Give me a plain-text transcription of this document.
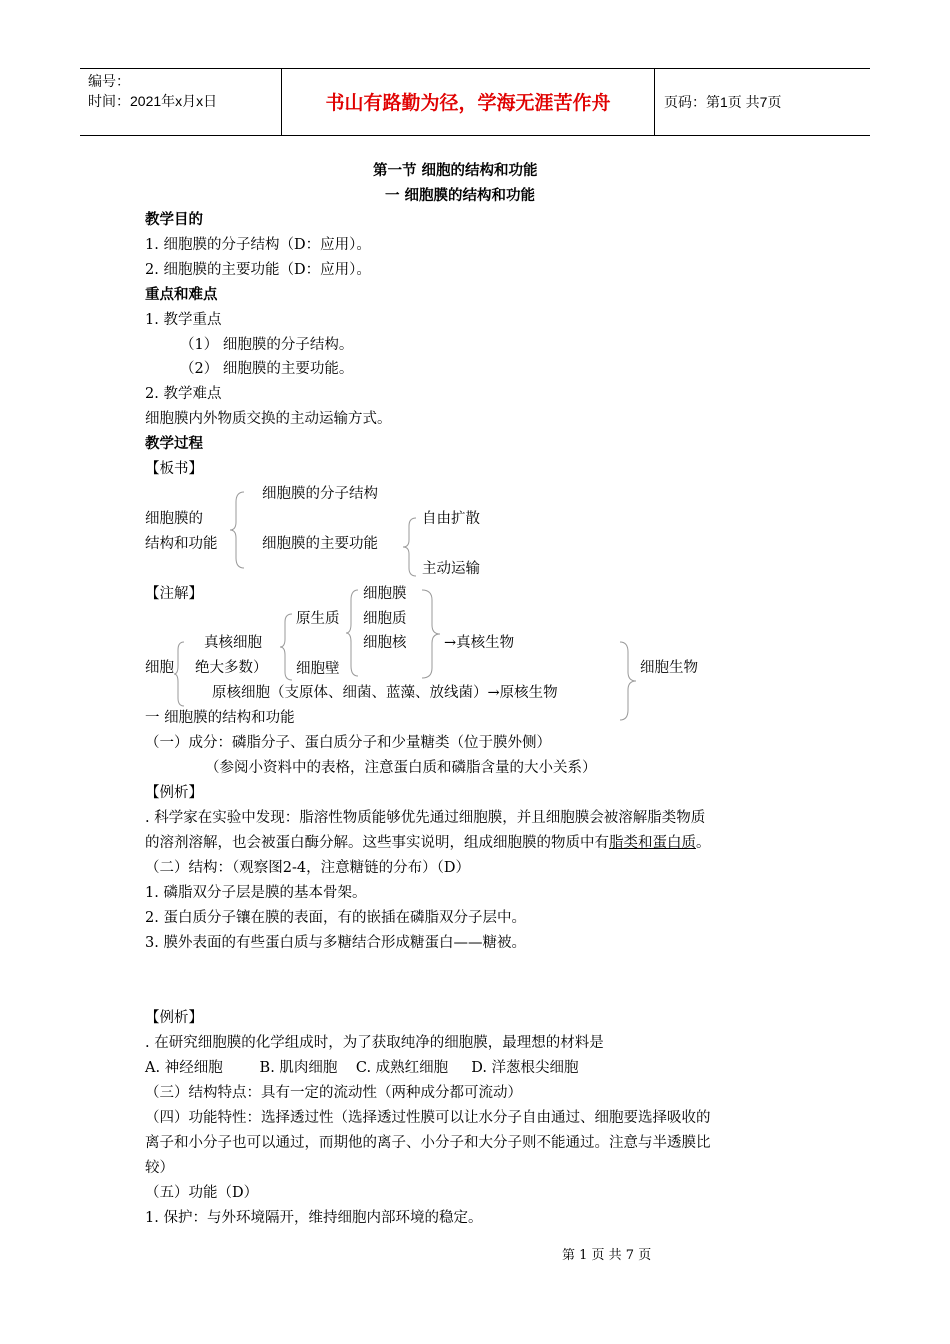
编号：
时间：2021年x月x日	书山有路勤为径，学海无涯苦作舟	页码：第1页 共7页
第一节 细胞的结构和功能
一 细胞膜的结构和功能
教学目的
1. 细胞膜的分子结构（D：应用）。
2. 细胞膜的主要功能（D：应用）。
重点和难点
1. 教学重点
（1） 细胞膜的分子结构。
（2） 细胞膜的主要功能。
2. 教学难点
细胞膜内外物质交换的主动运输方式。
教学过程
【板书】
细胞膜的
结构和功能
细胞膜的分子结构
细胞膜的主要功能
自由扩散
主动运输
【注解】
细胞
真核细胞
绝大多数）
原生质
细胞壁
细胞膜
细胞质
细胞核	→真核生物
原核细胞（支原体、细菌、蓝藻、放线菌）→原核生物
细胞生物
一 细胞膜的结构和功能
（一）成分：磷脂分子、蛋白质分子和少量糖类（位于膜外侧）
（参阅小资料中的表格，注意蛋白质和磷脂含量的大小关系）
【例析】
. 科学家在实验中发现：脂溶性物质能够优先通过细胞膜，并且细胞膜会被溶解脂类物质
的溶剂溶解，也会被蛋白酶分解。这些事实说明，组成细胞膜的物质中有脂类和蛋白质。
（二）结构：（观察图2-4，注意糖链的分布）（D）
1. 磷脂双分子层是膜的基本骨架。
2. 蛋白质分子镶在膜的表面，有的嵌插在磷脂双分子层中。
3. 膜外表面的有些蛋白质与多糖结合形成糖蛋白——糖被。
【例析】
. 在研究细胞膜的化学组成时，为了获取纯净的细胞膜，最理想的材料是
A. 神经细胞        B. 肌肉细胞    C. 成熟红细胞     D. 洋葱根尖细胞
（三）结构特点：具有一定的流动性（两种成分都可流动）
（四）功能特性：选择透过性（选择透过性膜可以让水分子自由通过、细胞要选择吸收的
离子和小分子也可以通过，而期他的离子、小分子和大分子则不能通过。注意与半透膜比
较）
（五）功能（D）
1. 保护：与外环境隔开，维持细胞内部环境的稳定。
第 1 页 共 7 页
